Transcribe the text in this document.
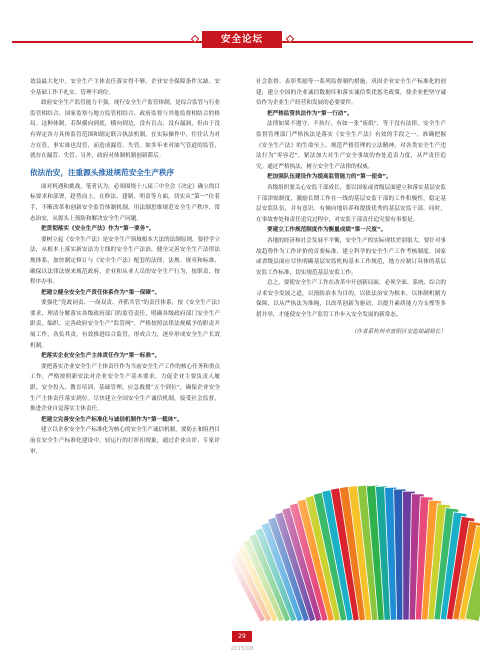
安全论坛

效益最大化中，安全生产主体责任落实得不够，企业安全保障条件欠缺、安全基础工作不扎实、管理不到位。

政府安全生产监管能力不强。现行安全生产监管体制，是综合监管与行业监管相结合、国家监察与地方监管相结合、政府监督与其他监督相结合的格局。这种体制，若纵横向到底，横向到边，没有盲点、没有漏洞，但由于没有界定各方具体监管范围和制定联合执法机制，在实际操作中，往往认为对方在管，事实谁也没管，而造成漏管、失管。如多年来对油气管道的监管，就存在漏管、失管。另外，政府对体制机制创新滞后。

依法治安，注重源头推进规范安全生产秩序

面对机遇和挑战，笔者认为，必须围绕十八届三中全会《决定》确立的目标要求和部署，趁势而上，在修法、建制、明责等方面，切实从“第一”位着手，不断改革和创新安全监管体制机制，用法制思维规范安全生产秩序，常态治安，从源头上预防和解决安全生产问题。

把贯彻落实《安全生产法》作为“第一要务”。

要树立起《安全生产法》是安全生产领域根本大法的法制原则，要抒学立法，从根本上落实新安法为主线的安全生产法治，健全完善安全生产法律法规体系，加快制定修订与《安全生产法》配套的法律、法规、规章和标准，确保以法律法规来规范政府、企业和从业人员的安全生产行为，按职责、按程序办事。

把建立健全安全生产责任体系作为“第一保障”。

要强化“党政同责、一岗双责、齐抓共管”的责任体系，按《安全生产法》要求，理清分解落实各级政府部门的监管责任，明确各级政府部门安全生产职责，编织、完善政府安全生产“监管网”，严格按照法律法规赋予的职责开展工作，各负其责，有效推进综合监管，形成合力，逐步形成安全生产长效机制。

把落实企业安全生产主体责任作为“第一标准”。

要把落实企业安全生产主体责任作为当前安全生产工作的核心任务和重点工作，严格按照新安法对企业安全生产基本要求，力促企业主要负责人履职、安全投入、教育培训、基础管理、应急救援“五个到位”，确保企业安全生产主体责任落实到位。尽快建立全国安全生产诚信机制，接受社会监督，推进企业自觉落实主体责任。

把建立完善安全生产标准化与诚信机制作为“第一载体”。

建立以企业安全生产标准化为核心的安全生产诚信机制，要防止和阻挡目前在安全生产标准化建设中，轻运行的打折扣现象，通过企业自评、专家评审、

社会监督、表彰奖励等一系列监督制约措施，巩固企业安全生产标准化的创建，建立全国的企业诚信数据库和落实诚信奖优惩劣政策，使企业把坚守诚信作为企业生产经营和发展的必要要件。

把严格监管执法作为“第一行动”。

法律如果不遵守、不执行，有如一张“废纸”，等于没有法律。安全生产监督管理部门严格执法是落实《安全生产法》有效的手段之一。准确把握《安全生产法》的生命至上、规范严格管理的立法精神，对各类安全生产违法行为“零容忍”，紧法加大对生产安全事故的查处追责力度，从严责任追究。通过严格执法，树立安全生产法律的权威。

把加强队伍建设作为提高监管能力的“第一使命”。

各级组织要关心安监干部成长，要以国家或省级层面建立和落实基层安监干部津贴制度，激励长期工作在一线的基层安监干部的工作积极性，稳定基层安监队伍，并有意识、有倾向地培养和提拔优秀的基层安监干部。同时，在事故查处和责任追究过程中，对安监干部责任追究要有事要是。

要建立工作规范制度作为衡量成绩“第一尺度”。

各地的经济和社会发展不平衡，安全生产的实际现状差别很大，要针对事故趋势作为工作评价的首要标准，建立科学的安全生产工作考核制度。国家或省级层面应尽快明确基层安监机构基本工作规范，地方应制订具体的基层安监工作标准，切实规范基层安监工作。

总之，要使安全生产工作在改革中开创新局面，必须全面、系统、综合的寻求安全发展之道，以预防治本为目的，以依法治安为根本，以体制机制为保障，以从严执法为准绳，以改革创新为驱动，以提升素质能力为支撑等多措并举，才能使安全生产监管工作步入安全发展的新常态。

（作者系杭州市富阳区安监局副局长）

29
2015/08
